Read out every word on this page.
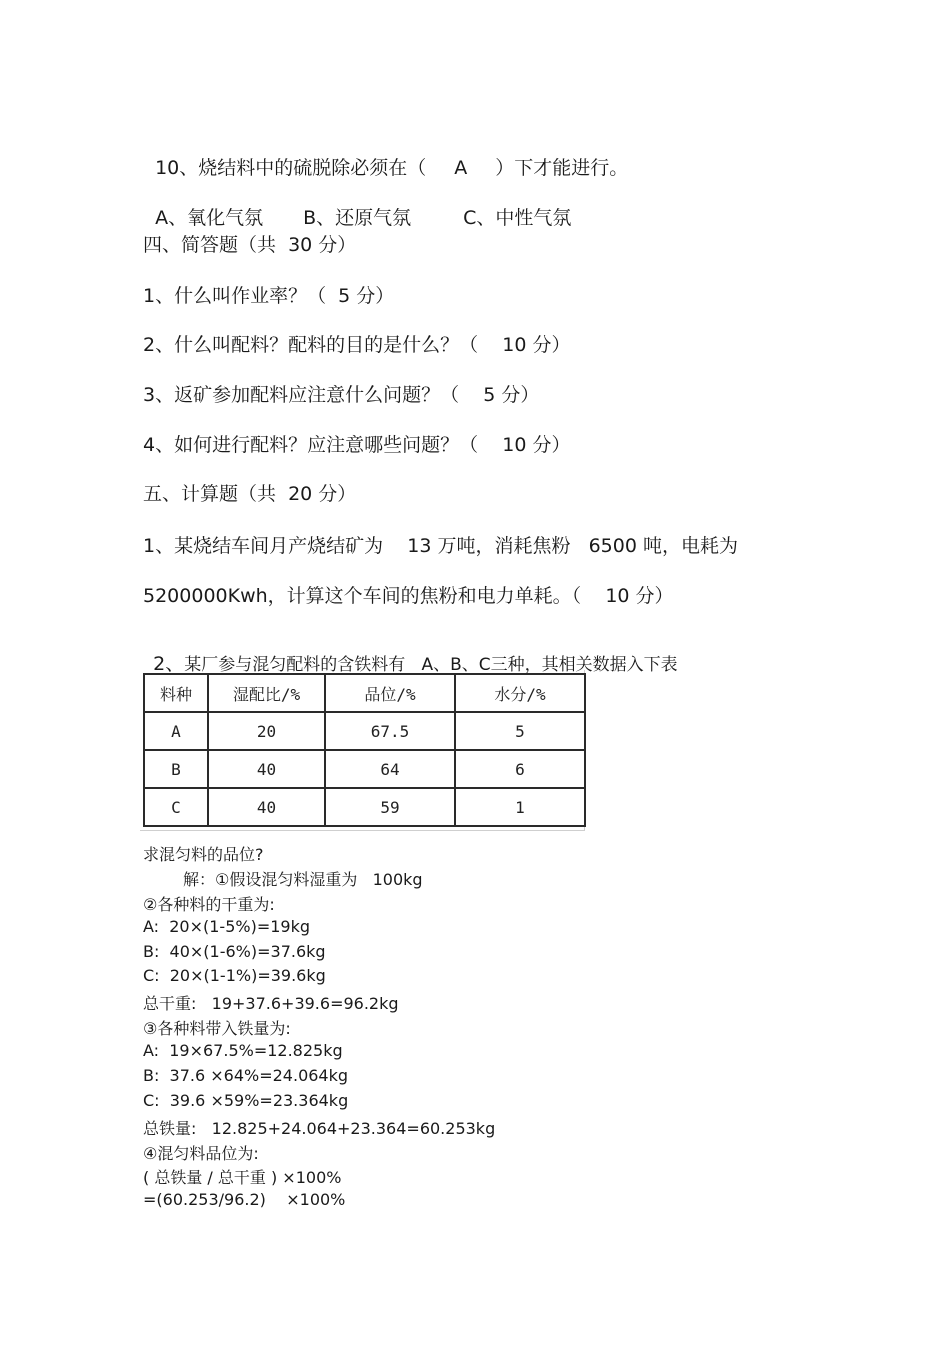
10、烧结料中的硫脱除必须在（ A ）下才能进行。

A、氧化气氛 B、还原气氛	C、中性气氛

四、简答题（共  30 分）
1、什么叫作业率？（  5 分）
2、什么叫配料？配料的目的是什么？（    10 分）
3、返矿参加配料应注意什么问题？（    5 分）
4、如何进行配料？应注意哪些问题？（    10 分）
五、计算题（共  20 分）
1、某烧结车间月产烧结矿为    13 万吨，消耗焦粉   6500 吨，电耗为
5200000Kwh，计算这个车间的焦粉和电力单耗。（    10 分）

2、某厂参与混匀配料的含铁料有   A、B、C三种，其相关数据入下表

料种	湿配比/%	品位/%	水分/%
A	20	67.5	5
B	40	64	6
C	40	59	1
求混匀料的品位?
解：①假设混匀料湿重为   100kg
②各种料的干重为:
A:  20×(1-5%)=19kg
B:  40×(1-6%)=37.6kg
C:  20×(1-1%)=39.6kg
总干重:   19+37.6+39.6=96.2kg
③各种料带入铁量为:
A:  19×67.5%=12.825kg
B:  37.6 ×64%=24.064kg
C:  39.6 ×59%=23.364kg
总铁量:   12.825+24.064+23.364=60.253kg
④混匀料品位为:
( 总铁量 / 总干重 ) ×100%
=(60.253/96.2)    ×100%
